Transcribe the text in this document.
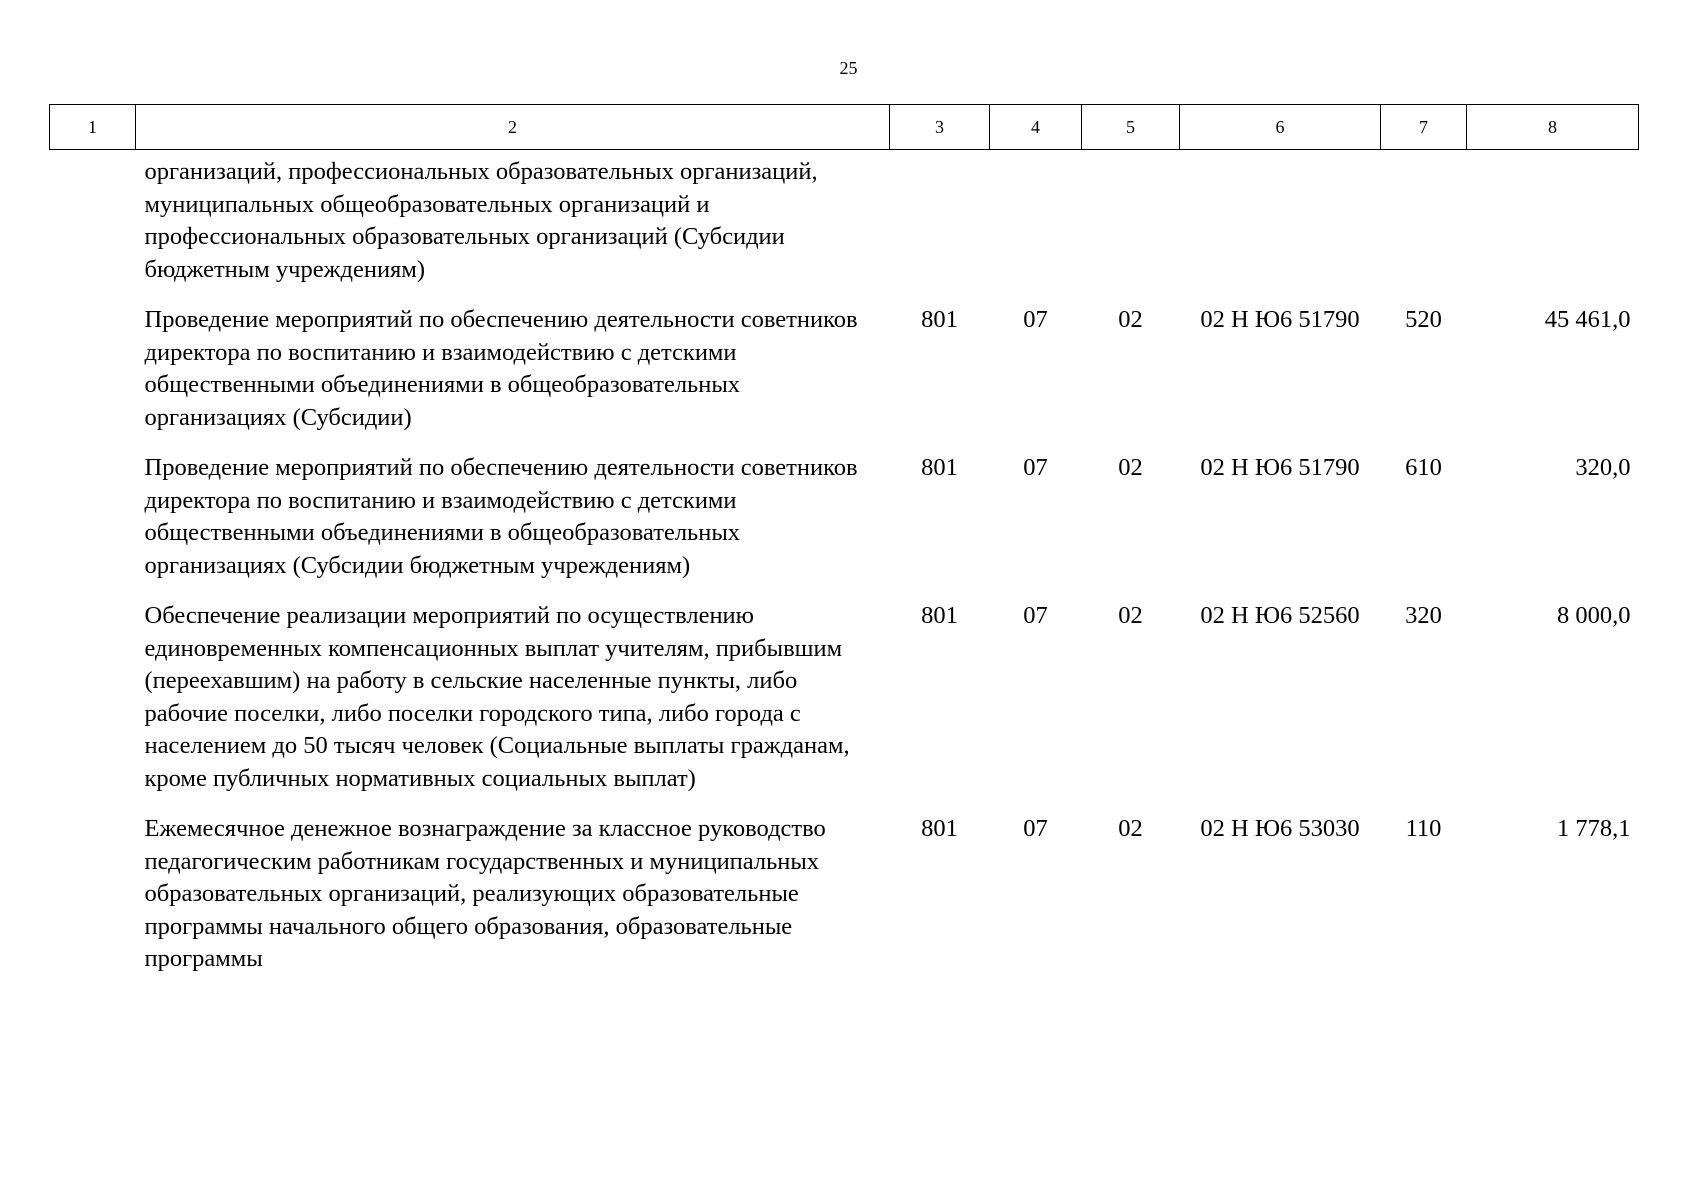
25
1	2	3	4	5	6	7	8
	организаций, профессиональных образовательных организаций, муниципальных общеобразовательных организаций и профессиональных образовательных организаций (Субсидии бюджетным учреждениям)						
	Проведение мероприятий по обеспечению деятельности советников директора по воспитанию и взаимодействию с детскими общественными объединениями в общеобразовательных организациях (Субсидии)	801	07	02	02 Н Ю6 51790	520	45 461,0
	Проведение мероприятий по обеспечению деятельности советников директора по воспитанию и взаимодействию с детскими общественными объединениями в общеобразовательных организациях (Субсидии бюджетным учреждениям)	801	07	02	02 Н Ю6 51790	610	320,0
	Обеспечение реализации мероприятий по осуществлению единовременных компенсационных выплат учителям, прибывшим (переехавшим) на работу в сельские населенные пункты, либо рабочие поселки, либо поселки городского типа, либо города с населением до 50 тысяч человек (Социальные выплаты гражданам, кроме публичных нормативных социальных выплат)	801	07	02	02 Н Ю6 52560	320	8 000,0
	Ежемесячное денежное вознаграждение за классное руководство педагогическим работникам государственных и муниципальных образовательных организаций, реализующих образовательные программы начального общего образования, образовательные программы	801	07	02	02 Н Ю6 53030	110	1 778,1
